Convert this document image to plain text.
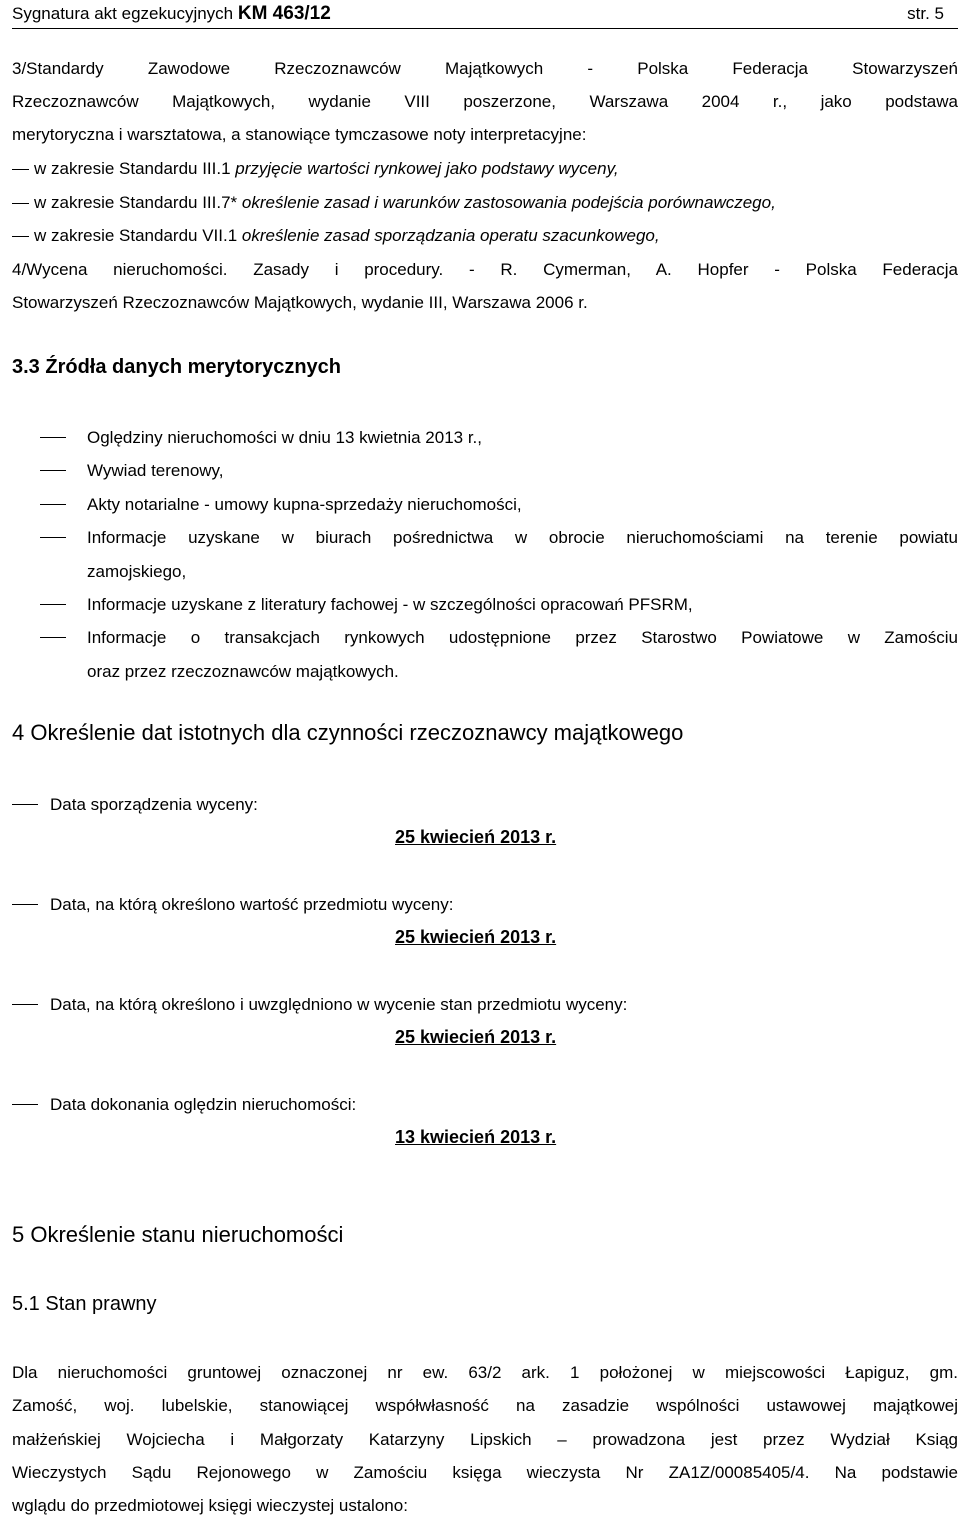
Sygnatura akt egzekucyjnych KM 463/12	str. 5
3/Standardy Zawodowe Rzeczoznawców Majątkowych - Polska Federacja Stowarzyszeń
Rzeczoznawców Majątkowych, wydanie VIII poszerzone, Warszawa 2004 r., jako podstawa
merytoryczna i warsztatowa, a stanowiące tymczasowe noty interpretacyjne:
w zakresie Standardu III.1 przyjęcie wartości rynkowej jako podstawy wyceny,
w zakresie Standardu III.7* określenie zasad i warunków zastosowania podejścia porównawczego,
w zakresie Standardu VII.1 określenie zasad sporządzania operatu szacunkowego,
4/Wycena nieruchomości. Zasady i procedury. - R. Cymerman, A. Hopfer - Polska Federacja
Stowarzyszeń Rzeczoznawców Majątkowych, wydanie III, Warszawa 2006 r.
3.3 Źródła danych merytorycznych
Oględziny nieruchomości w dniu 13 kwietnia 2013 r.,
Wywiad terenowy,
Akty notarialne - umowy kupna-sprzedaży nieruchomości,
Informacje uzyskane w biurach pośrednictwa w obrocie nieruchomościami na terenie powiatu
zamojskiego,
Informacje uzyskane z literatury fachowej - w szczególności opracowań PFSRM,
Informacje o transakcjach rynkowych udostępnione przez Starostwo Powiatowe w Zamościu
oraz przez rzeczoznawców majątkowych.
4 Określenie dat istotnych dla czynności rzeczoznawcy majątkowego
Data sporządzenia wyceny:
25 kwiecień 2013 r.
Data, na którą określono wartość przedmiotu wyceny:
25 kwiecień 2013 r.
Data, na którą określono i uwzględniono w wycenie stan przedmiotu wyceny:
25 kwiecień 2013 r.
Data dokonania oględzin nieruchomości:
13 kwiecień 2013 r.
5 Określenie stanu nieruchomości
5.1 Stan prawny
Dla nieruchomości gruntowej oznaczonej nr ew. 63/2 ark. 1 położonej w miejscowości Łapiguz, gm.
Zamość, woj. lubelskie, stanowiącej współwłasność na zasadzie wspólności ustawowej majątkowej
małżeńskiej Wojciecha i Małgorzaty Katarzyny Lipskich – prowadzona jest przez Wydział Ksiąg
Wieczystych Sądu Rejonowego w Zamościu księga wieczysta Nr ZA1Z/00085405/4. Na podstawie
wglądu do przedmiotowej księgi wieczystej ustalono:
